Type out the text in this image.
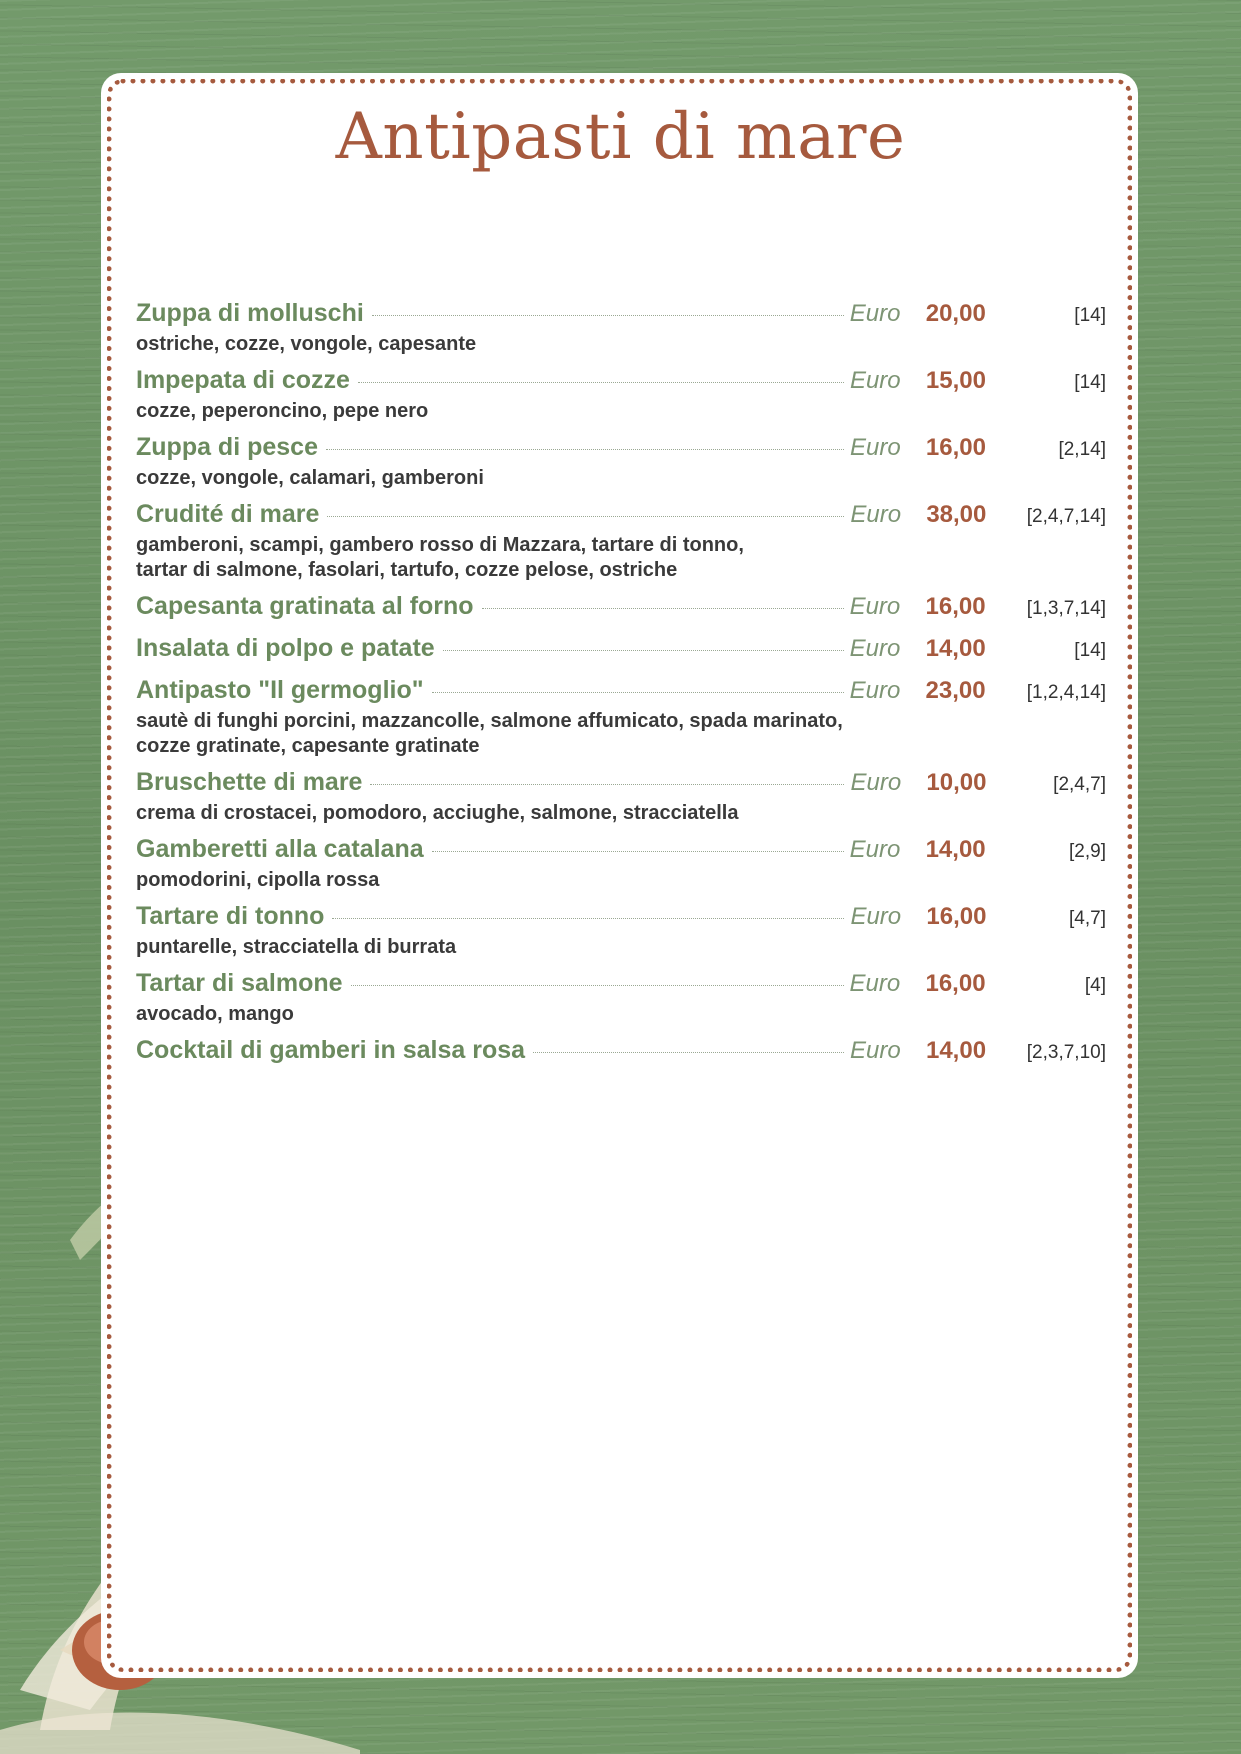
Antipasti di mare
Zuppa di molluschi	Euro	20,00	[14]
ostriche, cozze, vongole, capesante
Impepata di cozze	Euro	15,00	[14]
cozze, peperoncino, pepe nero
Zuppa di pesce	Euro	16,00	[2,14]
cozze, vongole, calamari, gamberoni
Crudité di mare	Euro	38,00	[2,4,7,14]
gamberoni, scampi, gambero rosso di Mazzara, tartare di tonno,
tartar di salmone, fasolari, tartufo, cozze pelose, ostriche
Capesanta gratinata al forno	Euro	16,00	[1,3,7,14]
Insalata di polpo e patate	Euro	14,00	[14]
Antipasto "Il germoglio"	Euro	23,00	[1,2,4,14]
sautè di funghi porcini, mazzancolle, salmone affumicato, spada marinato,
cozze gratinate, capesante gratinate
Bruschette di mare	Euro	10,00	[2,4,7]
crema di crostacei, pomodoro, acciughe, salmone, stracciatella
Gamberetti alla catalana	Euro	14,00	[2,9]
pomodorini, cipolla rossa
Tartare di tonno	Euro	16,00	[4,7]
puntarelle, stracciatella di burrata
Tartar di salmone	Euro	16,00	[4]
avocado, mango
Cocktail di gamberi in salsa rosa	Euro	14,00	[2,3,7,10]
